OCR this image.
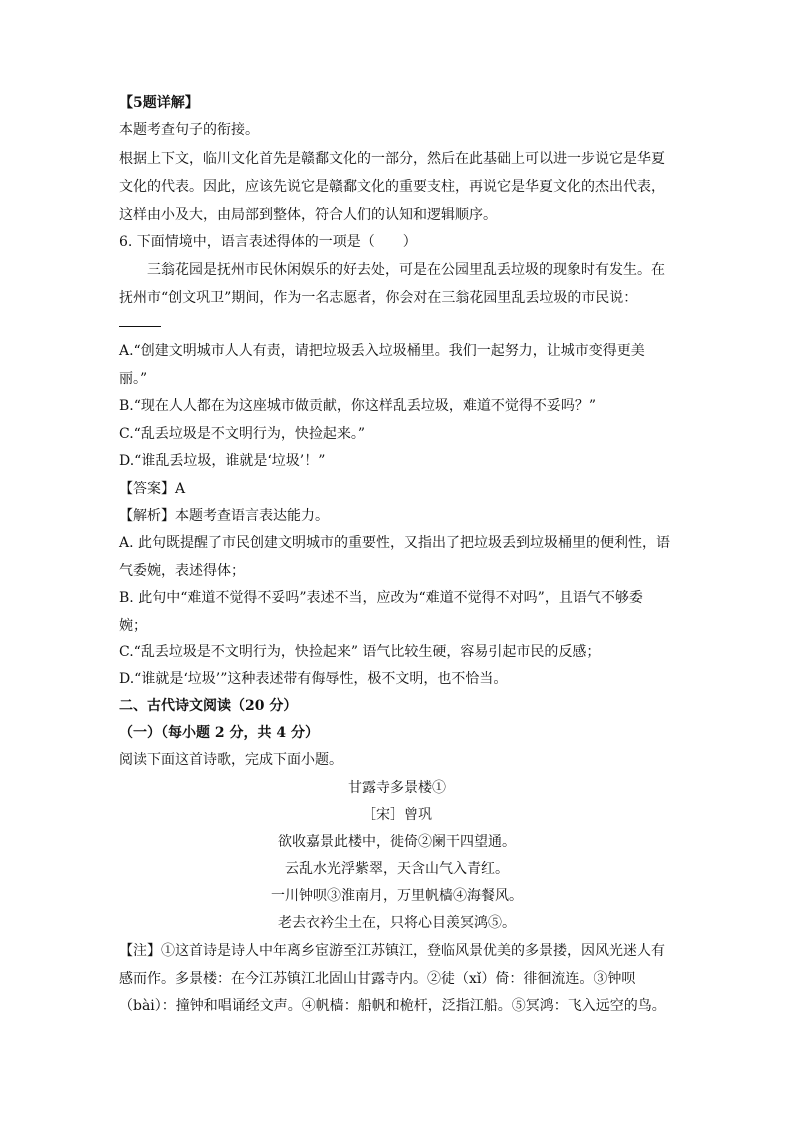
【5题详解】
本题考查句子的衔接。
根据上下文，临川文化首先是赣鄱文化的一部分，然后在此基础上可以进一步说它是华夏
文化的代表。因此，应该先说它是赣鄱文化的重要支柱，再说它是华夏文化的杰出代表，
这样由小及大，由局部到整体，符合人们的认知和逻辑顺序。
6. 下面情境中，语言表述得体的一项是（　　）
三翁花园是抚州市民休闲娱乐的好去处，可是在公园里乱丢垃圾的现象时有发生。在
抚州市“创文巩卫”期间，作为一名志愿者，你会对在三翁花园里乱丢垃圾的市民说：
A.“创建文明城市人人有责，请把垃圾丢入垃圾桶里。我们一起努力，让城市变得更美
丽。”
B.“现在人人都在为这座城市做贡献，你这样乱丢垃圾，难道不觉得不妥吗？”
C.“乱丢垃圾是不文明行为，快捡起来。”
D.“谁乱丢垃圾，谁就是‘垃圾’！”
【答案】A
【解析】本题考查语言表达能力。
A. 此句既提醒了市民创建文明城市的重要性，又指出了把垃圾丢到垃圾桶里的便利性，语
气委婉，表述得体；
B. 此句中“难道不觉得不妥吗”表述不当，应改为“难道不觉得不对吗”，且语气不够委
婉；
C.“乱丢垃圾是不文明行为，快捡起来” 语气比较生硬，容易引起市民的反感；
D.“谁就是‘垃圾’”这种表述带有侮辱性，极不文明，也不恰当。
二、古代诗文阅读（20 分）
（一）（每小题 2 分，共 4 分）
阅读下面这首诗歌，完成下面小题。
甘露寺多景楼①
［宋］曾巩
欲收嘉景此楼中，徙倚②阑干四望通。
云乱水光浮紫翠，天含山气入青红。
一川钟呗③淮南月，万里帆樯④海餐风。
老去衣衿尘土在，只将心目羡冥鸿⑤。
【注】①这首诗是诗人中年离乡宦游至江苏镇江，登临风景优美的多景搂，因风光迷人有
感而作。多景楼：在今江苏镇江北固山甘露寺内。②徒（xǐ）倚：徘徊流连。③钟呗
（bài）：撞钟和唱诵经文声。④帆樯：船帆和桅杆，泛指江船。⑤冥鸿：飞入远空的鸟。
